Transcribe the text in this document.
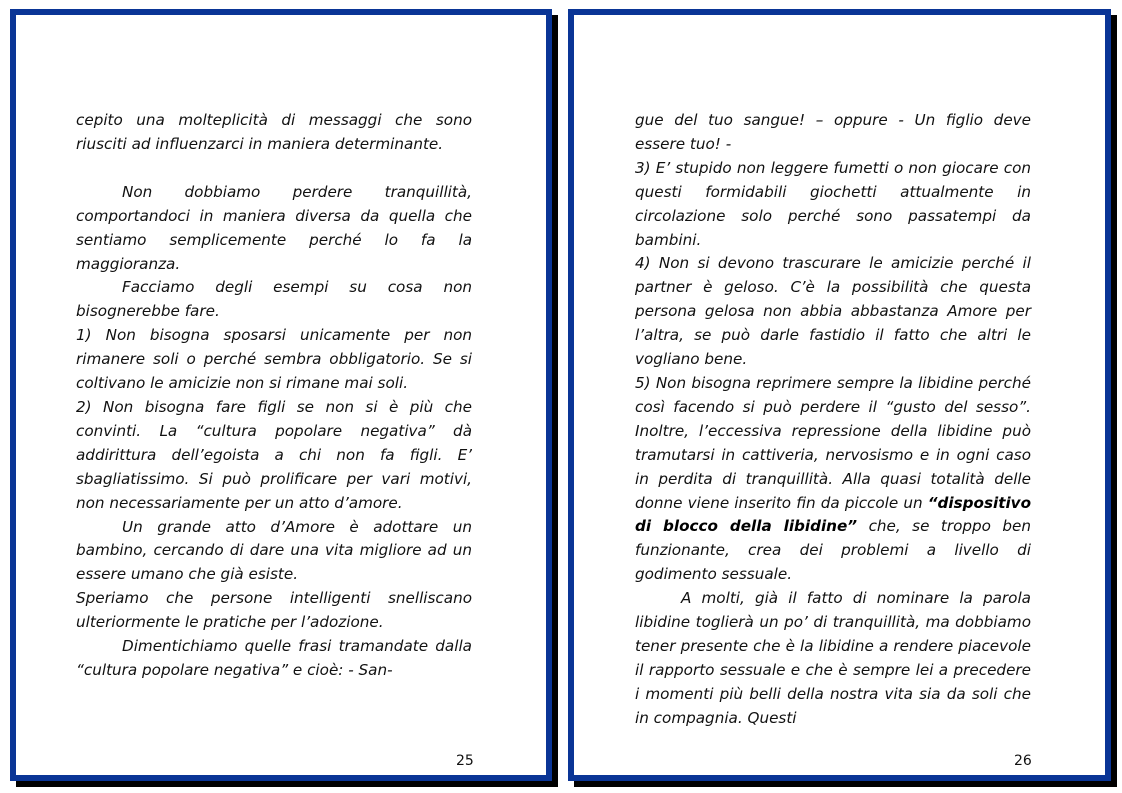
cepito una molteplicità di messaggi che sono riusciti ad influenzarci in maniera determinante.

Non dobbiamo perdere tranquillità, comportandoci in maniera diversa da quella che sentiamo semplicemente perché lo fa la maggioranza.

Facciamo degli esempi su cosa non bisognerebbe fare.

1) Non bisogna sposarsi unicamente per non rimanere soli o perché sembra obbligatorio. Se si coltivano le amicizie non si rimane mai soli.

2) Non bisogna fare figli se non si è più che convinti. La “cultura popolare negativa” dà addirittura dell’egoista a chi non fa figli. E’ sbagliatissimo. Si può prolificare per vari motivi, non necessariamente per un atto d’amore.

Un grande atto d’Amore è adottare un bambino, cercando di dare una vita migliore ad un essere umano che già esiste.

Speriamo che persone intelligenti snelliscano ulteriormente le pratiche per l’adozione.

Dimentichiamo quelle frasi tramandate dalla “cultura popolare negativa” e cioè: - San-

25

gue del tuo sangue! – oppure - Un figlio deve essere tuo! -

3) E’ stupido non leggere fumetti o non giocare con questi formidabili giochetti attualmente in circolazione solo perché sono passatempi da bambini.

4) Non si devono trascurare le amicizie perché il partner è geloso. C’è la possibilità che questa persona gelosa non abbia abbastanza Amore per l’altra, se può darle fastidio il fatto che altri le vogliano bene.

5) Non bisogna reprimere sempre la libidine perché così facendo si può perdere il “gusto del sesso”. Inoltre, l’eccessiva repressione della libidine può tramutarsi in cattiveria, nervosismo e in ogni caso in perdita di tranquillità. Alla quasi totalità delle donne viene inserito fin da piccole un “dispositivo di blocco della libidine” che, se troppo ben funzionante, crea dei problemi a livello di godimento sessuale.

A molti, già il fatto di nominare la parola libidine toglierà un po’ di tranquillità, ma dobbiamo tener presente che è la libidine a rendere piacevole il rapporto sessuale e che è sempre lei a precedere i momenti più belli della nostra vita sia da soli che in compagnia. Questi

26
